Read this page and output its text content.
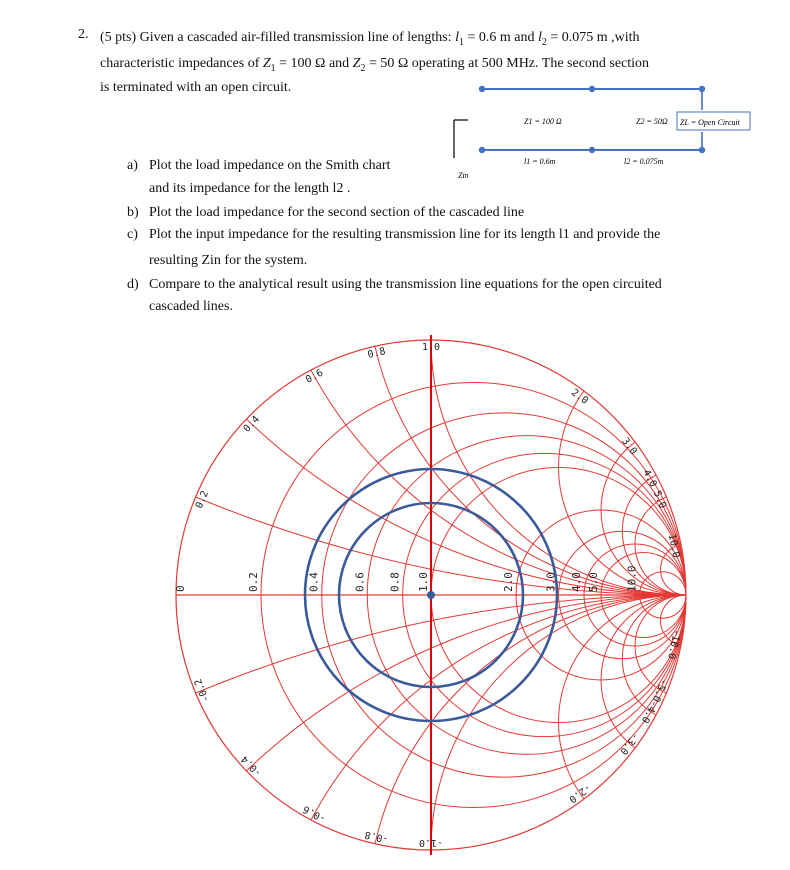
2. (5 pts) Given a cascaded air-filled transmission line of lengths: $l_1 = 0.6$ m and $l_2 = 0.075$ m ,with
characteristic impedances of $Z_1 = 100$ Ω and $Z_2 = 50$ Ω operating at 500 MHz. The second section
is terminated with an open circuit.
Zin
ZL = Open Circuit
Z1 = 100 Ω	Z2 = 50Ω
l1 = 0.6m	l2 = 0.075m
a) Plot the load impedance on the Smith chart
and its impedance for the length l2 .
b) Plot the load impedance for the second section of the cascaded line
c) Plot the input impedance for the resulting transmission line for its length l1 and provide the
resulting Zin for the system.
d) Compare to the analytical result using the transmission line equations for the open circuited
cascaded lines.
0	0.2	0.4	0.6 0.8 1.0	2.0	3.0 4.0 5.0 10.0
0.2
0.4
0.6
0.8	1.0
2.0
3.0
4.0
5.0
10.0
-0.2
-0.4
-0.6
-0.8	-1.0
-2.0
-3.0
-4.0
-5.0
-10.0
